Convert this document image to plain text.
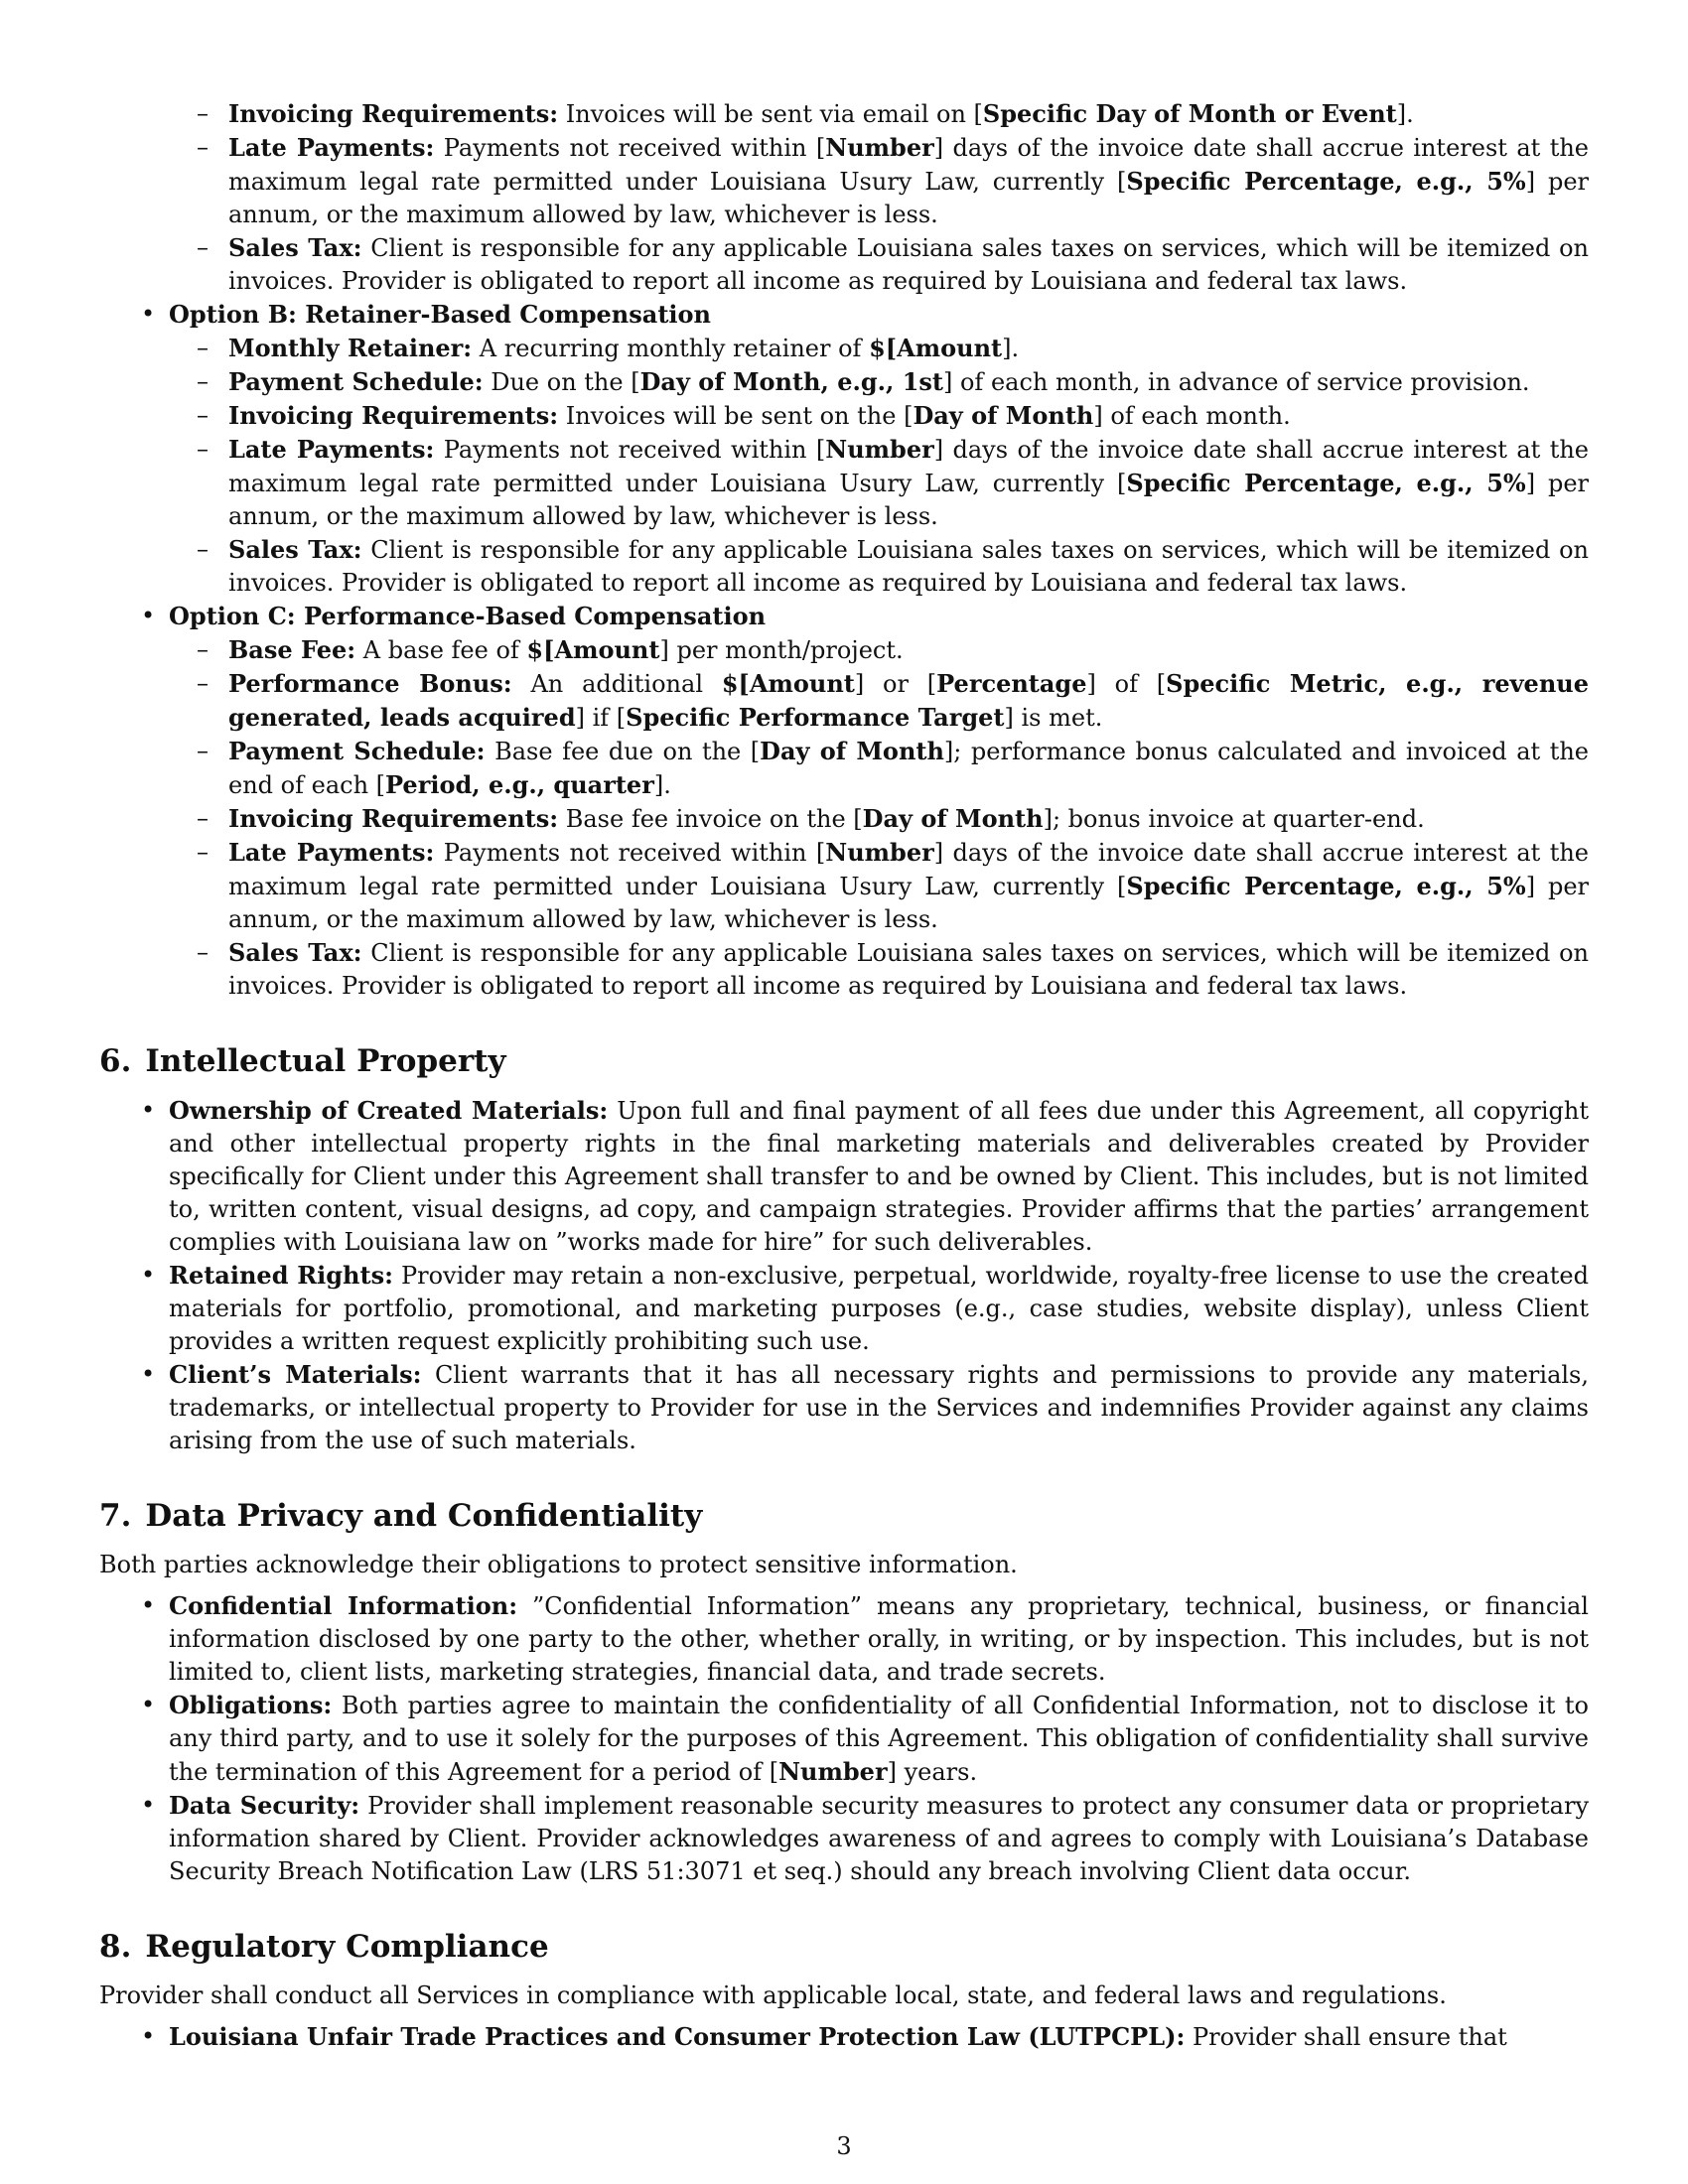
– Invoicing Requirements: Invoices will be sent via email on [Specific Day of Month or Event].
– Late Payments: Payments not received within [Number] days of the invoice date shall accrue interest at the maximum legal rate permitted under Louisiana Usury Law, currently [Specific Percentage, e.g., 5%] per annum, or the maximum allowed by law, whichever is less.
– Sales Tax: Client is responsible for any applicable Louisiana sales taxes on services, which will be itemized on invoices. Provider is obligated to report all income as required by Louisiana and federal tax laws.
• Option B: Retainer-Based Compensation
– Monthly Retainer: A recurring monthly retainer of $[Amount].
– Payment Schedule: Due on the [Day of Month, e.g., 1st] of each month, in advance of service provision.
– Invoicing Requirements: Invoices will be sent on the [Day of Month] of each month.
– Late Payments: Payments not received within [Number] days of the invoice date shall accrue interest at the maximum legal rate permitted under Louisiana Usury Law, currently [Specific Percentage, e.g., 5%] per annum, or the maximum allowed by law, whichever is less.
– Sales Tax: Client is responsible for any applicable Louisiana sales taxes on services, which will be itemized on invoices. Provider is obligated to report all income as required by Louisiana and federal tax laws.
• Option C: Performance-Based Compensation
– Base Fee: A base fee of $[Amount] per month/project.
– Performance Bonus: An additional $[Amount] or [Percentage] of [Specific Metric, e.g., revenue generated, leads acquired] if [Specific Performance Target] is met.
– Payment Schedule: Base fee due on the [Day of Month]; performance bonus calculated and invoiced at the end of each [Period, e.g., quarter].
– Invoicing Requirements: Base fee invoice on the [Day of Month]; bonus invoice at quarter-end.
– Late Payments: Payments not received within [Number] days of the invoice date shall accrue interest at the maximum legal rate permitted under Louisiana Usury Law, currently [Specific Percentage, e.g., 5%] per annum, or the maximum allowed by law, whichever is less.
– Sales Tax: Client is responsible for any applicable Louisiana sales taxes on services, which will be itemized on invoices. Provider is obligated to report all income as required by Louisiana and federal tax laws.
6. Intellectual Property
• Ownership of Created Materials: Upon full and final payment of all fees due under this Agreement, all copyright and other intellectual property rights in the final marketing materials and deliverables created by Provider specifically for Client under this Agreement shall transfer to and be owned by Client. This includes, but is not limited to, written content, visual designs, ad copy, and campaign strategies. Provider affirms that the parties’ arrangement complies with Louisiana law on ”works made for hire” for such deliverables.
• Retained Rights: Provider may retain a non-exclusive, perpetual, worldwide, royalty-free license to use the created materials for portfolio, promotional, and marketing purposes (e.g., case studies, website display), unless Client provides a written request explicitly prohibiting such use.
• Client’s Materials: Client warrants that it has all necessary rights and permissions to provide any materials, trademarks, or intellectual property to Provider for use in the Services and indemnifies Provider against any claims arising from the use of such materials.
7. Data Privacy and Confidentiality

Both parties acknowledge their obligations to protect sensitive information.

• Confidential Information: ”Confidential Information” means any proprietary, technical, business, or financial information disclosed by one party to the other, whether orally, in writing, or by inspection. This includes, but is not limited to, client lists, marketing strategies, financial data, and trade secrets.
• Obligations: Both parties agree to maintain the confidentiality of all Confidential Information, not to disclose it to any third party, and to use it solely for the purposes of this Agreement. This obligation of confidentiality shall survive the termination of this Agreement for a period of [Number] years.
• Data Security: Provider shall implement reasonable security measures to protect any consumer data or proprietary information shared by Client. Provider acknowledges awareness of and agrees to comply with Louisiana’s Database Security Breach Notification Law (LRS 51:3071 et seq.) should any breach involving Client data occur.
8. Regulatory Compliance

Provider shall conduct all Services in compliance with applicable local, state, and federal laws and regulations.

• Louisiana Unfair Trade Practices and Consumer Protection Law (LUTPCPL): Provider shall ensure that
3
